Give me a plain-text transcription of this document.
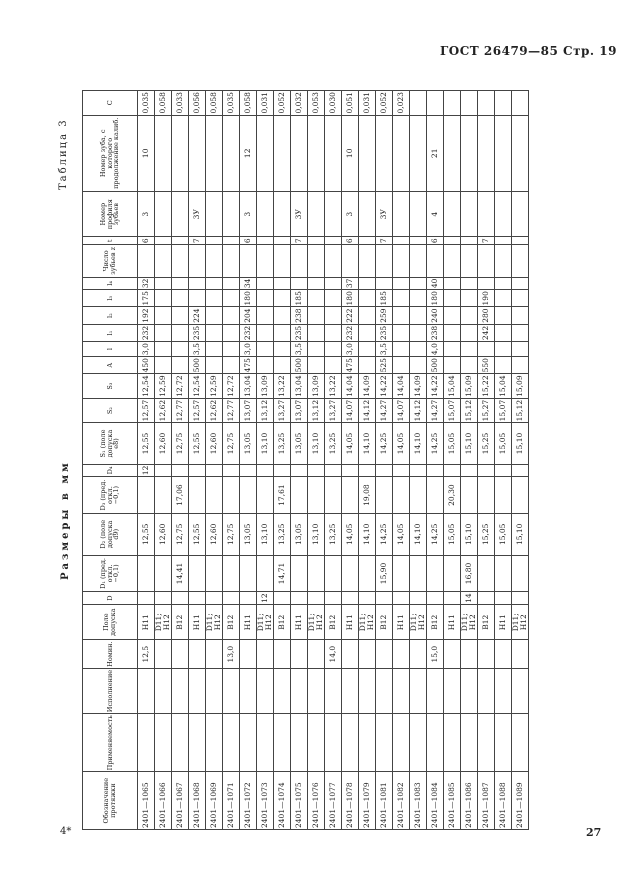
ГОСТ 26479—85 Стр. 19
4*	27
Размеры в мм
Таблица 3
Обозначение протяжки	Применяемость	Исполнение	Номин.	Поле допуска	D	D₁ (пред. откл. −0,1)	D₂ (поле допуска d9)	D₃ (пред. откл. −0,1)	D₄	S₁ (поле допуска e8)	S₂	S₃	A	l	l₁	l₂	l₃	l₄	Число зубьев z	t	Номер профиля зубьев	Номер зуба, с которого продолжение калиб.	C
2401—1065			12,5	H11			12,55		12	12,55	12,57	12,54	450	3,0	232	192	175	32		6	3	10	0,035
2401—1066				D11; H12			12,60			12,60	12,62	12,59											0,058
2401—1067				B12		14,41	12,75	17,06		12,75	12,77	12,72											0,033
2401—1068				H11			12,55			12,55	12,57	12,54	500	3,5	235	224				7	3У		0,056
2401—1069				D11; H12			12,60			12,60	12,62	12,59											0,058
2401—1071			13,0	B12			12,75			12,75	12,77	12,72											0,035
2401—1072				H11			13,05			13,05	13,07	13,04	475	3,0	232	204	180	34		6	3	12	0,058
2401—1073				D11; H12	12		13,10			13,10	13,12	13,09											0,031
2401—1074				B12		14,71	13,25	17,61		13,25	13,27	13,22											0,052
2401—1075				H11			13,05			13,05	13,07	13,04	500	3,5	235	238	185			7	3У		0,032
2401—1076				D11; H12			13,10			13,10	13,12	13,09											0,053
2401—1077			14,0	B12			13,25			13,25	13,27	13,22											0,030
2401—1078				H11			14,05			14,05	14,07	14,04	475	3,0	232	222	180	37		6	3	10	0,051
2401—1079				D11; H12			14,10	19,08		14,10	14,12	14,09											0,031
2401—1081				B12		15,90	14,25			14,25	14,27	14,22	525	3,5	235	259	185			7	3У		0,052
2401—1082				H11			14,05			14,05	14,07	14,04											0,023
2401—1083				D11; H12			14,10			14,10	14,12	14,09											
2401—1084			15,0	B12			14,25			14,25	14,27	14,22	500	4,0	238	240	180	40		6	4	21	
2401—1085				H11			15,05	20,30		15,05	15,07	15,04											
2401—1086				D11; H12	14	16,80	15,10			15,10	15,12	15,09											
2401—1087				B12			15,25			15,25	15,27	15,22	550		242	280	190			7			
2401—1088				H11			15,05			15,05	15,07	15,04											
2401—1089				D11; H12			15,10			15,10	15,12	15,09											
